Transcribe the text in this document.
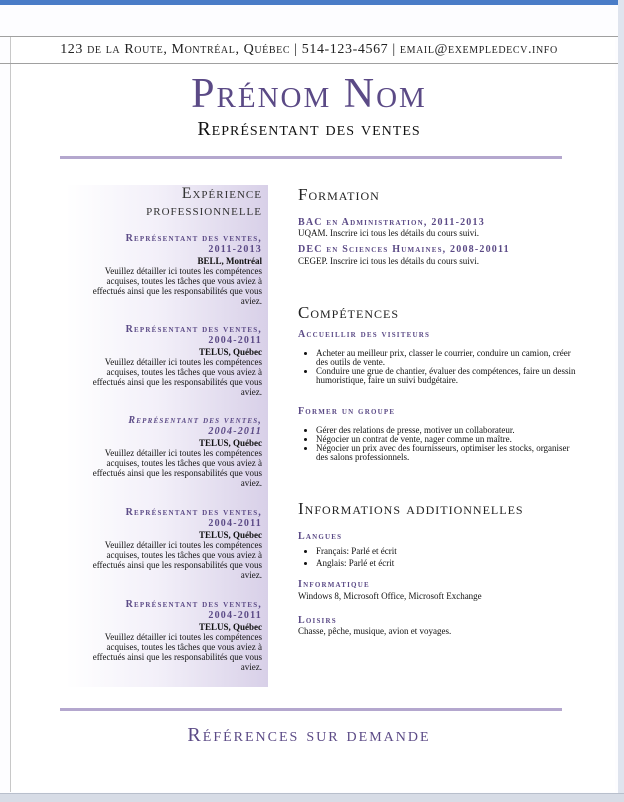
123 de la Route, Montréal, Québec | 514-123-4567 | email@exempledecv.info
Prénom Nom
Représentant des ventes
Expérience professionnelle
Représentant des ventes,
2011-2013
BELL, Montréal
Veuillez détailler ici toutes les compétences acquises, toutes les tâches que vous aviez à effectués ainsi que les responsabilités que vous aviez.
Représentant des ventes,
2004-2011
TELUS, Québec
Veuillez détailler ici toutes les compétences acquises, toutes les tâches que vous aviez à effectués ainsi que les responsabilités que vous aviez.
Représentant des ventes,
2004-2011
TELUS, Québec
Veuillez détailler ici toutes les compétences acquises, toutes les tâches que vous aviez à effectués ainsi que les responsabilités que vous aviez.
Représentant des ventes,
2004-2011
TELUS, Québec
Veuillez détailler ici toutes les compétences acquises, toutes les tâches que vous aviez à effectués ainsi que les responsabilités que vous aviez.
Représentant des ventes,
2004-2011
TELUS, Québec
Veuillez détailler ici toutes les compétences acquises, toutes les tâches que vous aviez à effectués ainsi que les responsabilités que vous aviez.
Formation
BAC en Administration, 2011-2013
UQAM. Inscrire ici tous les détails du cours suivi.
DEC en Sciences Humaines, 2008-20011
CEGEP. Inscrire ici tous les détails du cours suivi.
Compétences
Accueillir des visiteurs
• Acheter au meilleur prix, classer le courrier, conduire un camion, créer des outils de vente.
• Conduire une grue de chantier, évaluer des compétences, faire un dessin humoristique, faire un suivi budgétaire.
Former un groupe
• Gérer des relations de presse, motiver un collaborateur.
• Négocier un contrat de vente, nager comme un maître.
• Négocier un prix avec des fournisseurs, optimiser les stocks, organiser des salons professionnels.
Informations additionnelles
Langues
• Français: Parlé et écrit
• Anglais: Parlé et écrit
Informatique
Windows 8, Microsoft Office, Microsoft Exchange
Loisirs
Chasse, pêche, musique, avion et voyages.
Références sur demande
